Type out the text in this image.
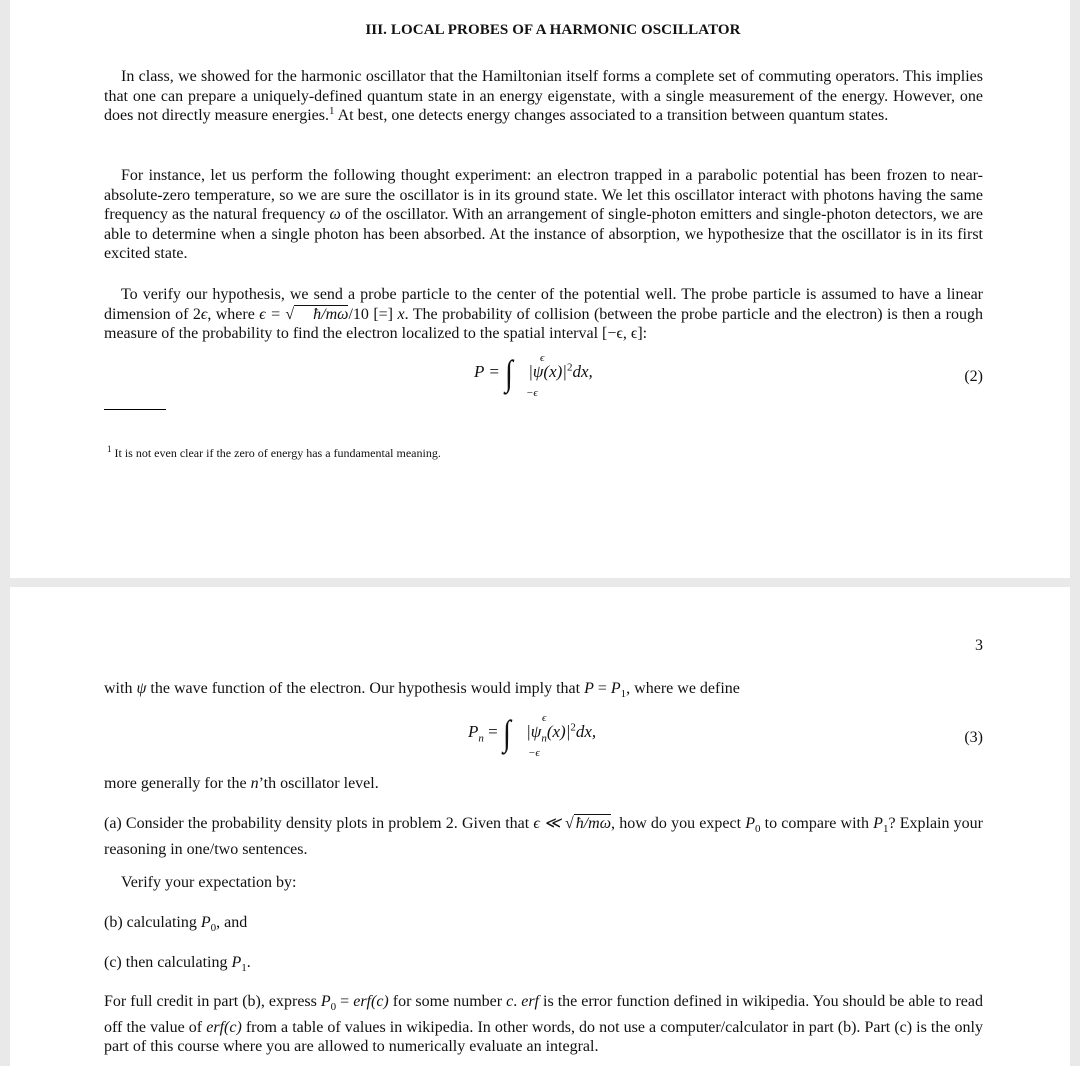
III. LOCAL PROBES OF A HARMONIC OSCILLATOR
In class, we showed for the harmonic oscillator that the Hamiltonian itself forms a complete set of commuting operators. This implies that one can prepare a uniquely-defined quantum state in an energy eigenstate, with a single measurement of the energy. However, one does not directly measure energies.$^1$ At best, one detects energy changes associated to a transition between quantum states.
For instance, let us perform the following thought experiment: an electron trapped in a parabolic potential has been frozen to near-absolute-zero temperature, so we are sure the oscillator is in its ground state. We let this oscillator interact with photons having the same frequency as the natural frequency ω of the oscillator. With an arrangement of single-photon emitters and single-photon detectors, we are able to determine when a single photon has been absorbed. At the instance of absorption, we hypothesize that the oscillator is in its first excited state.
To verify our hypothesis, we send a probe particle to the center of the potential well. The probe particle is assumed to have a linear dimension of 2ϵ, where ϵ = √ ħ/mω/10 [=] x. The probability of collision (between the probe particle and the electron) is then a rough measure of the probability to find the electron localized to the spatial interval [−ϵ, ϵ]:
P = ∫ ϵ
−ϵ
$|\psi(x)|^2dx$,	(2)
$^1$ It is not even clear if the zero of energy has a fundamental meaning.
3
with ψ the wave function of the electron. Our hypothesis would imply that $P = P_1$, where we define
$P_n$ = ∫	ϵ
−ϵ
$|\psi_n(x)|^2dx$,	(3)
more generally for the n’th oscillator level.
(a) Consider the probability density plots in problem 2. Given that ϵ ≪ √ ħ/mω, how do you expect $P_0$ to compare with $P_1$? Explain your reasoning in one/two sentences.
Verify your expectation by:
(b) calculating $P_0$, and
(c) then calculating $P_1$.
For full credit in part (b), express $P_0 = erf(c)$ for some number c. erf is the error function defined in wikipedia. You should be able to read off the value of erf(c) from a table of values in wikipedia. In other words, do not use a computer/calculator in part (b). Part (c) is the only part of this course where you are allowed to numerically evaluate an integral.
